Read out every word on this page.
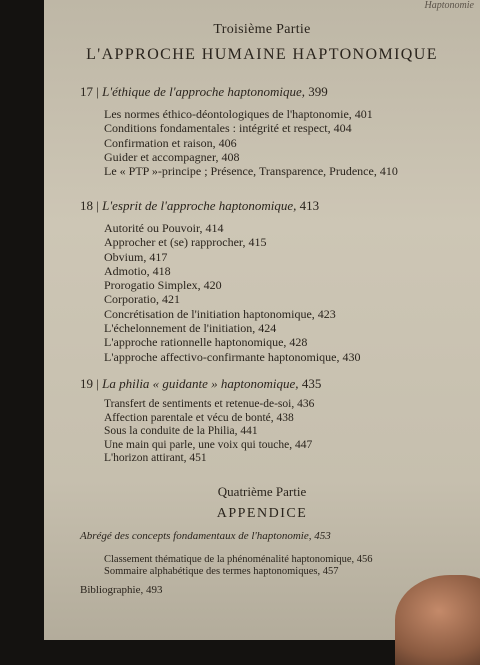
Haptonomie
Troisième Partie
L'APPROCHE HUMAINE HAPTONOMIQUE
17 | L'éthique de l'approche haptonomique, 399
Les normes éthico-déontologiques de l'haptonomie, 401
Conditions fondamentales : intégrité et respect, 404
Confirmation et raison, 406
Guider et accompagner, 408
Le « PTP »-principe ; Présence, Transparence, Prudence, 410
18 | L'esprit de l'approche haptonomique, 413
Autorité ou Pouvoir, 414
Approcher et (se) rapprocher, 415
Obvium, 417
Admotio, 418
Prorogatio Simplex, 420
Corporatio, 421
Concrétisation de l'initiation haptonomique, 423
L'échelonnement de l'initiation, 424
L'approche rationnelle haptonomique, 428
L'approche affectivo-confirmante haptonomique, 430
19 | La philia « guidante » haptonomique, 435
Transfert de sentiments et retenue-de-soi, 436
Affection parentale et vécu de bonté, 438
Sous la conduite de la Philia, 441
Une main qui parle, une voix qui touche, 447
L'horizon attirant, 451
Quatrième Partie
APPENDICE
Abrégé des concepts fondamentaux de l'haptonomie, 453
Classement thématique de la phénoménalité haptonomique, 456
Sommaire alphabétique des termes haptonomiques, 457
Bibliographie, 493
